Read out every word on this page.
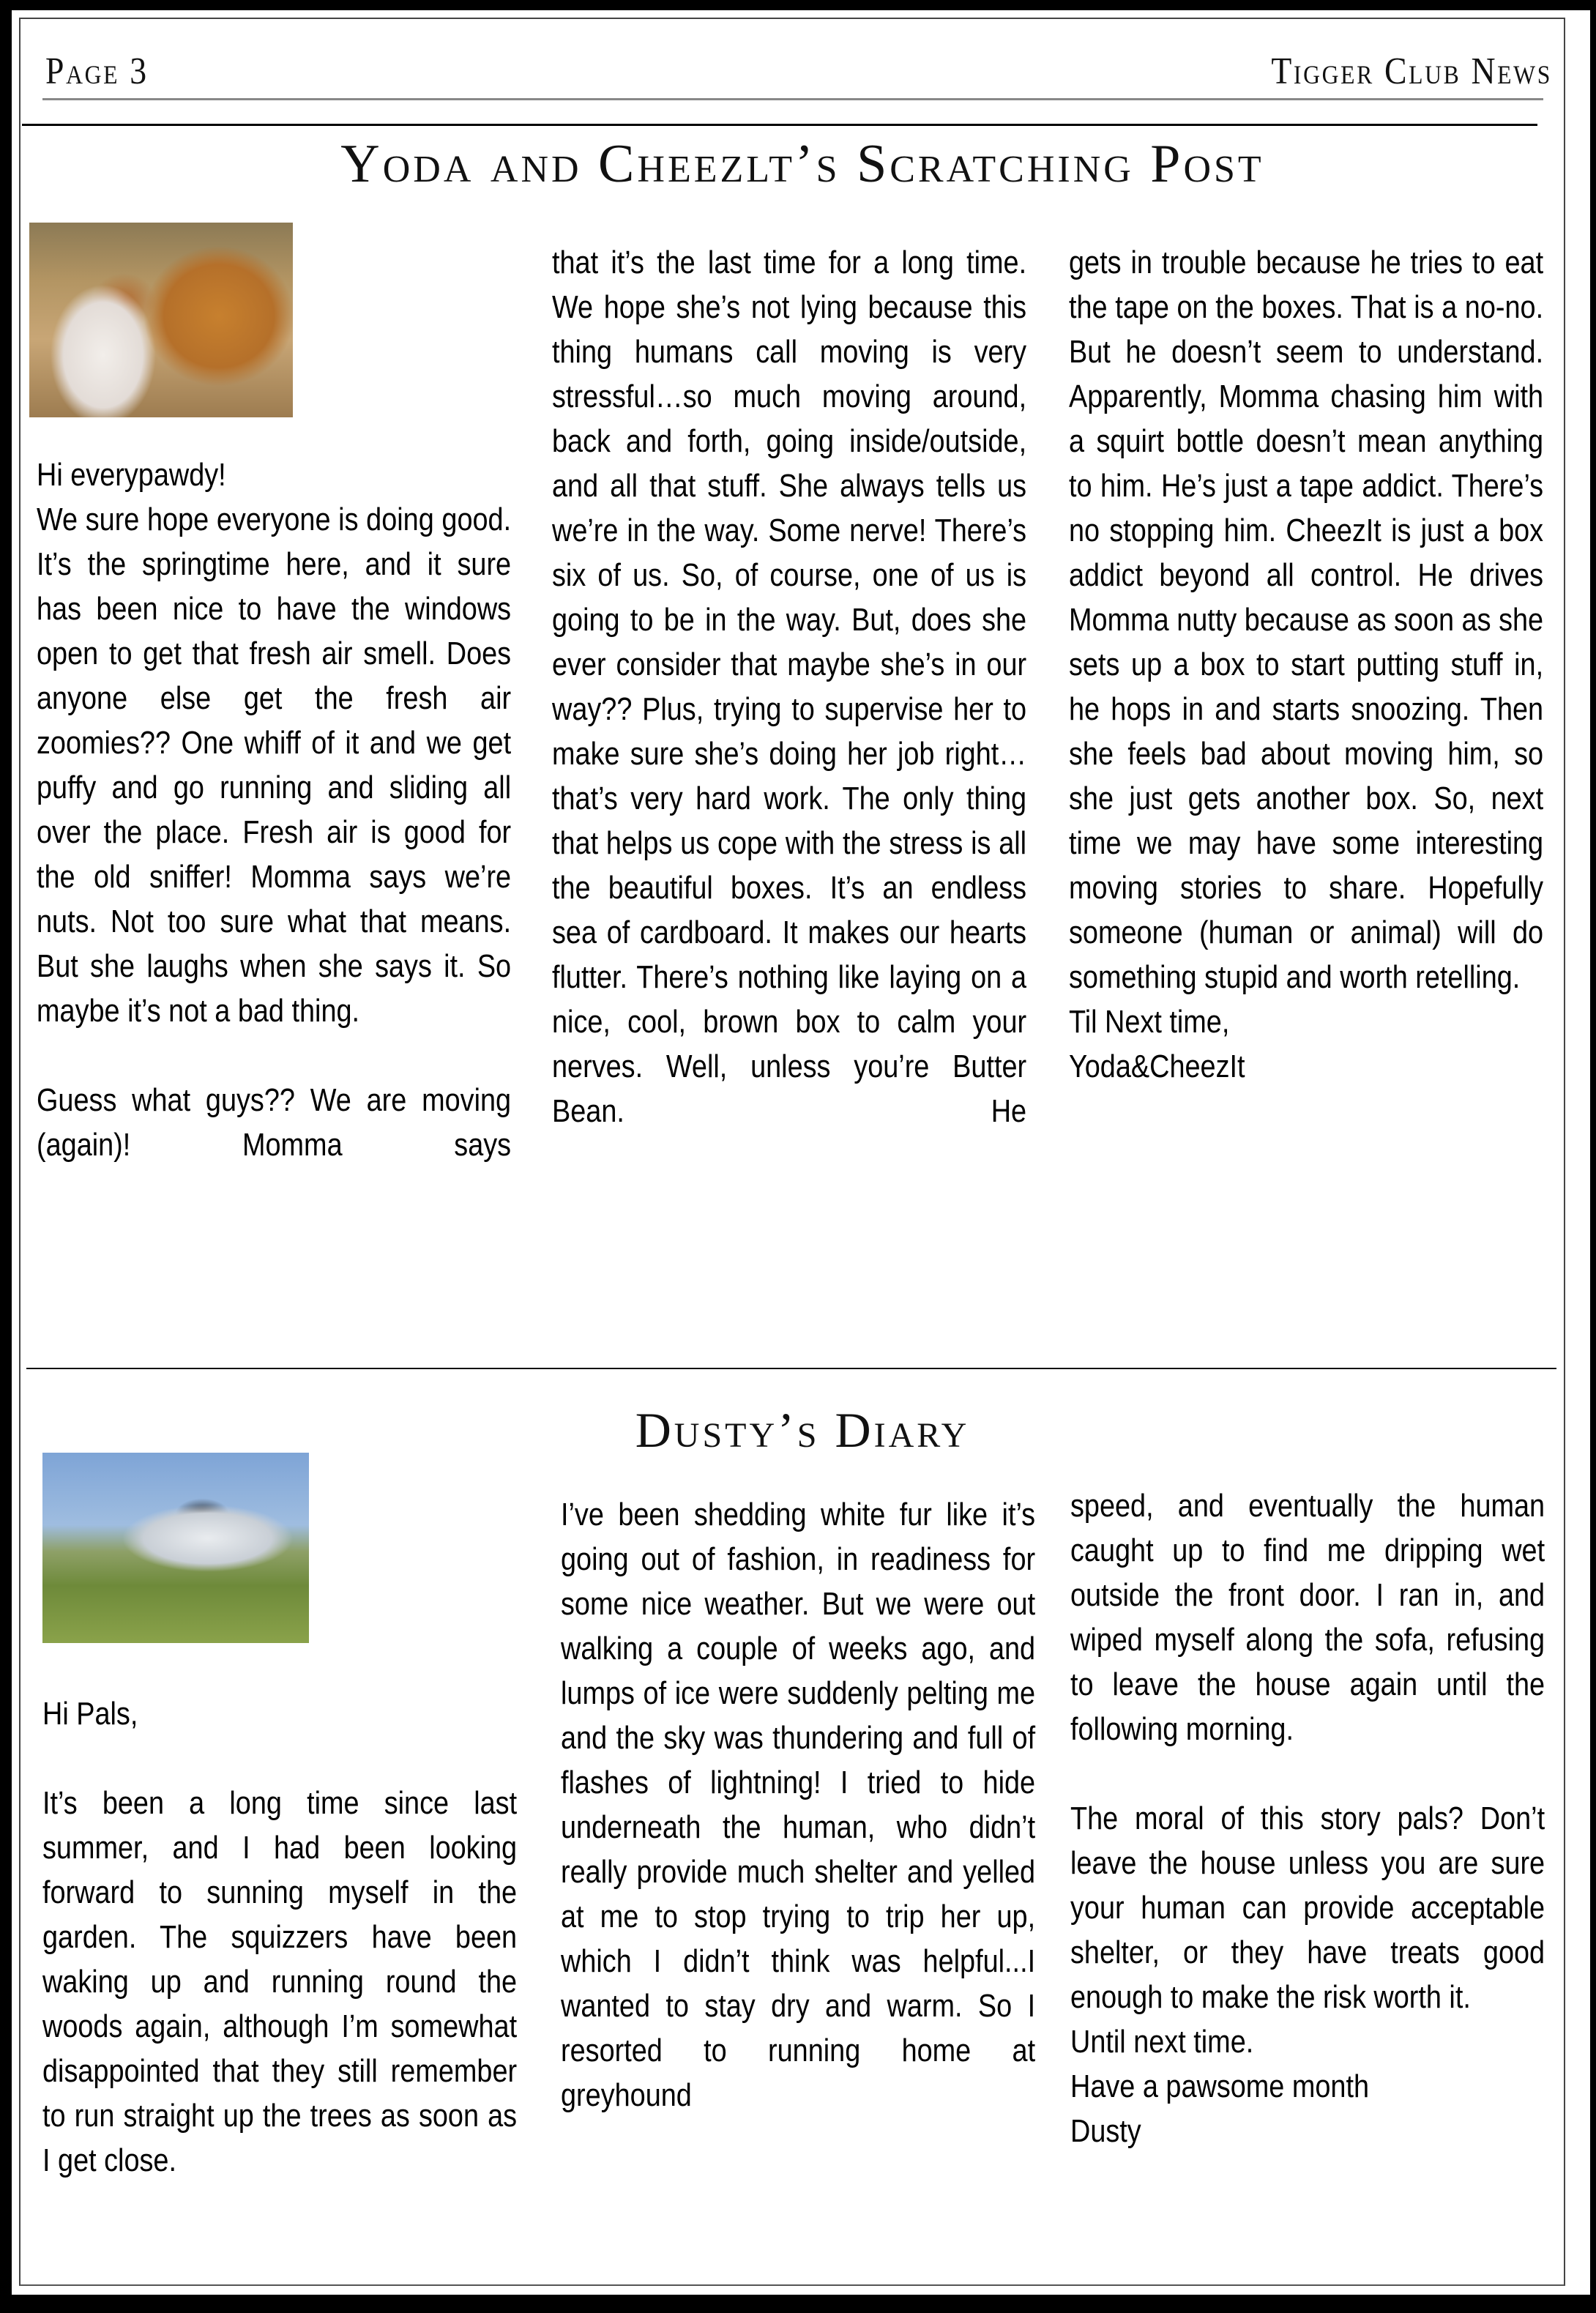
Page 3	Tigger Club News
Yoda and Cheezlt’s Scratching Post

Hi everypawdy!

We sure hope everyone is doing good. It’s the springtime here, and it sure has been nice to have the windows open to get that fresh air smell. Does anyone else get the fresh air zoomies?? One whiff of it and we get puffy and go running and sliding all over the place. Fresh air is good for the old sniffer! Momma says we’re nuts. Not too sure what that means. But she laughs when she says it. So maybe it’s not a bad thing.

Guess what guys?? We are moving (again)! Momma says

that it’s the last time for a long time. We hope she’s not lying because this thing humans call moving is very stressful…so much moving around, back and forth, going inside/outside, and all that stuff. She always tells us we’re in the way. Some nerve! There’s six of us. So, of course, one of us is going to be in the way. But, does she ever consider that maybe she’s in our way?? Plus, trying to supervise her to make sure she’s doing her job right…that’s very hard work. The only thing that helps us cope with the stress is all the beautiful boxes. It’s an endless sea of cardboard. It makes our hearts flutter. There’s nothing like laying on a nice, cool, brown box to calm your nerves. Well, unless you’re Butter Bean. He

gets in trouble because he tries to eat the tape on the boxes. That is a no-no. But he doesn’t seem to understand. Apparently, Momma chasing him with a squirt bottle doesn’t mean anything to him. He’s just a tape addict. There’s no stopping him. CheezIt is just a box addict beyond all control. He drives Momma nutty because as soon as she sets up a box to start putting stuff in, he hops in and starts snoozing. Then she feels bad about moving him, so she just gets another box. So, next time we may have some interesting moving stories to share. Hopefully someone (human or animal) will do something stupid and worth retelling.

Til Next time,

Yoda&CheezIt

Dusty’s Diary

Hi Pals,

It’s been a long time since last summer, and I had been looking forward to sunning myself in the garden. The squizzers have been waking up and running round the woods again, although I’m somewhat disappointed that they still remember to run straight up the trees as soon as I get close.

I’ve been shedding white fur like it’s going out of fashion, in readiness for some nice weather. But we were out walking a couple of weeks ago, and lumps of ice were suddenly pelting me and the sky was thundering and full of flashes of lightning! I tried to hide underneath the human, who didn’t really provide much shelter and yelled at me to stop trying to trip her up, which I didn’t think was helpful...I wanted to stay dry and warm. So I resorted to running home at greyhound

speed, and eventually the human caught up to find me dripping wet outside the front door. I ran in, and wiped myself along the sofa, refusing to leave the house again until the following morning.

The moral of this story pals? Don’t leave the house unless you are sure your human can provide acceptable shelter, or they have treats good enough to make the risk worth it.

Until next time.

Have a pawsome month

Dusty
